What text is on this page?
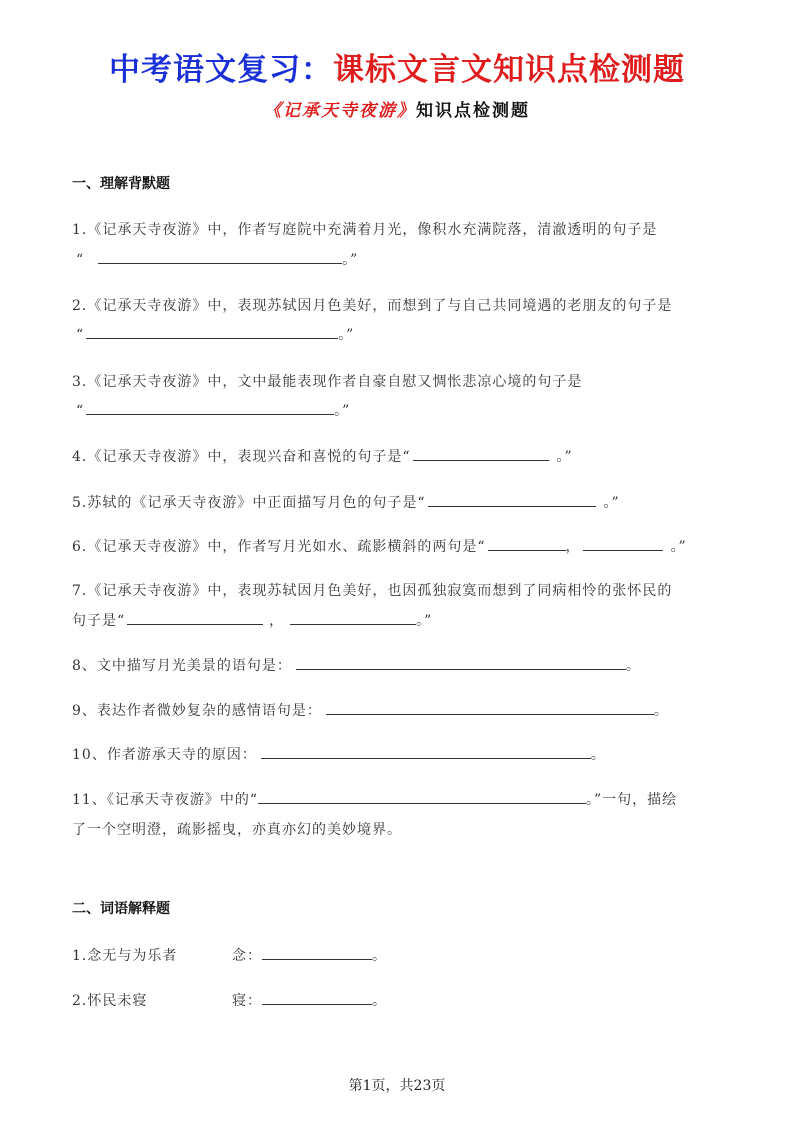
中考语文复习：课标文言文知识点检测题
《记承天寺夜游》知识点检测题
一、理解背默题
1.《记承天寺夜游》中，作者写庭院中充满着月光，像积水充满院落，清澈透明的句子是
“	。”
2.《记承天寺夜游》中，表现苏轼因月色美好，而想到了与自己共同境遇的老朋友的句子是
“	。”
3.《记承天寺夜游》中，文中最能表现作者自豪自慰又惆怅悲凉心境的句子是
“	。”
4.《记承天寺夜游》中，表现兴奋和喜悦的句子是“	。”
5.苏轼的《记承天寺夜游》中正面描写月色的句子是“	。”
6.《记承天寺夜游》中，作者写月光如水、疏影横斜的两句是“	，	。”
7.《记承天寺夜游》中，表现苏轼因月色美好，也因孤独寂寞而想到了同病相怜的张怀民的
句子是“	，	。”
8、文中描写月光美景的语句是：	。
9、表达作者微妙复杂的感情语句是：	。
10、作者游承天寺的原因：	。
11、《记承天寺夜游》中的“	。”一句，描绘
了一个空明澄，疏影摇曳，亦真亦幻的美妙境界。
二、词语解释题
1.念无与为乐者	念：	。
2.怀民未寝	寝：	。
第1页，共23页
